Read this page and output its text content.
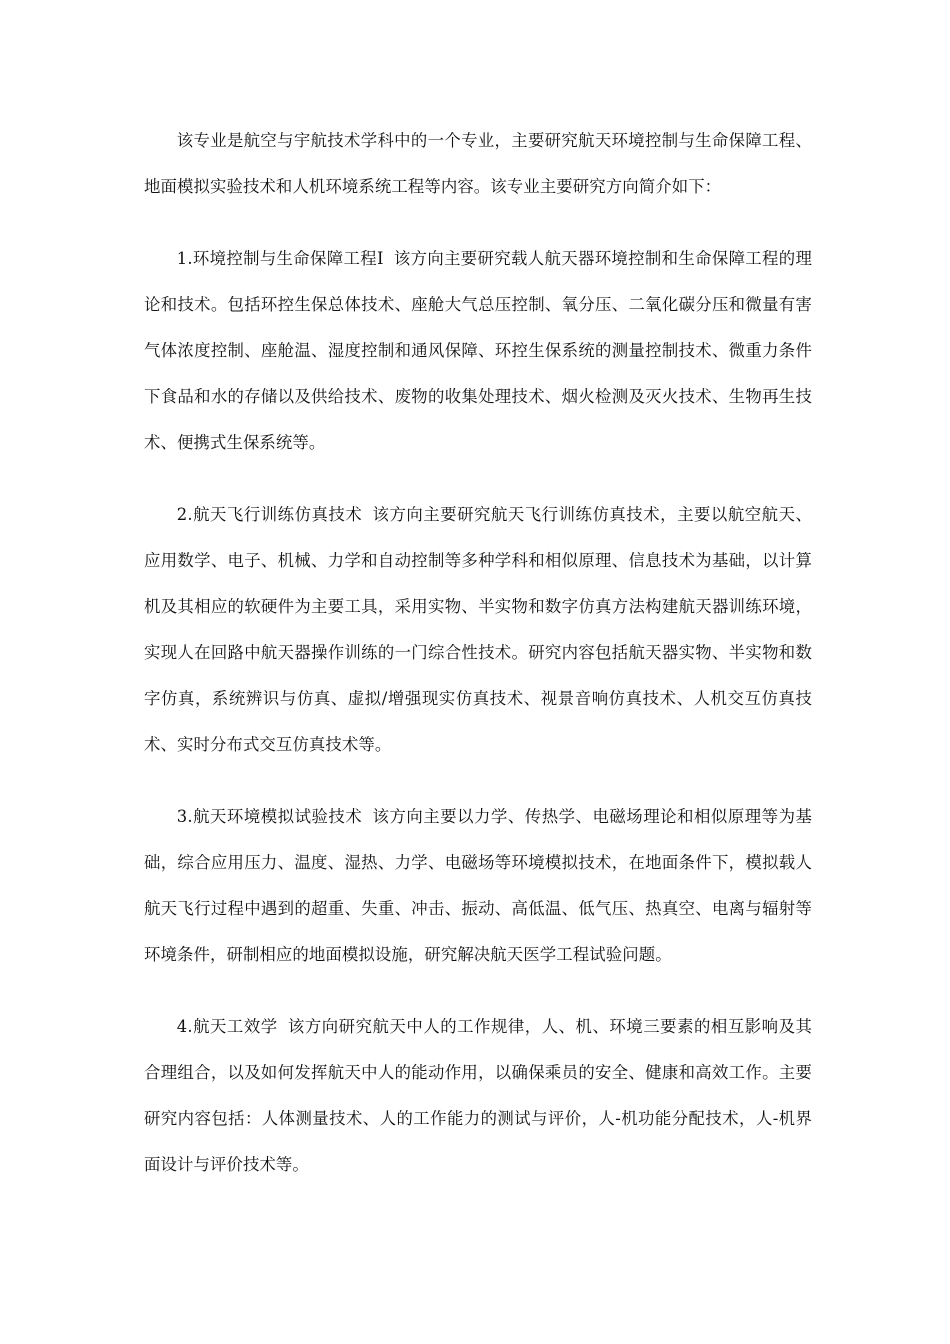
该专业是航空与宇航技术学科中的一个专业，主要研究航天环境控制与生命保障工程、地面模拟实验技术和人机环境系统工程等内容。该专业主要研究方向简介如下：

1.环境控制与生命保障工程Ⅰ 该方向主要研究载人航天器环境控制和生命保障工程的理论和技术。包括环控生保总体技术、座舱大气总压控制、氧分压、二氧化碳分压和微量有害气体浓度控制、座舱温、湿度控制和通风保障、环控生保系统的测量控制技术、微重力条件下食品和水的存储以及供给技术、废物的收集处理技术、烟火检测及灭火技术、生物再生技术、便携式生保系统等。

2.航天飞行训练仿真技术 该方向主要研究航天飞行训练仿真技术，主要以航空航天、应用数学、电子、机械、力学和自动控制等多种学科和相似原理、信息技术为基础，以计算机及其相应的软硬件为主要工具，采用实物、半实物和数字仿真方法构建航天器训练环境，实现人在回路中航天器操作训练的一门综合性技术。研究内容包括航天器实物、半实物和数字仿真，系统辨识与仿真、虚拟/增强现实仿真技术、视景音响仿真技术、人机交互仿真技术、实时分布式交互仿真技术等。

3.航天环境模拟试验技术 该方向主要以力学、传热学、电磁场理论和相似原理等为基础，综合应用压力、温度、湿热、力学、电磁场等环境模拟技术，在地面条件下，模拟载人航天飞行过程中遇到的超重、失重、冲击、振动、高低温、低气压、热真空、电离与辐射等环境条件，研制相应的地面模拟设施，研究解决航天医学工程试验问题。

4.航天工效学 该方向研究航天中人的工作规律，人、机、环境三要素的相互影响及其合理组合，以及如何发挥航天中人的能动作用，以确保乘员的安全、健康和高效工作。主要研究内容包括：人体测量技术、人的工作能力的测试与评价，人-机功能分配技术，人-机界面设计与评价技术等。
